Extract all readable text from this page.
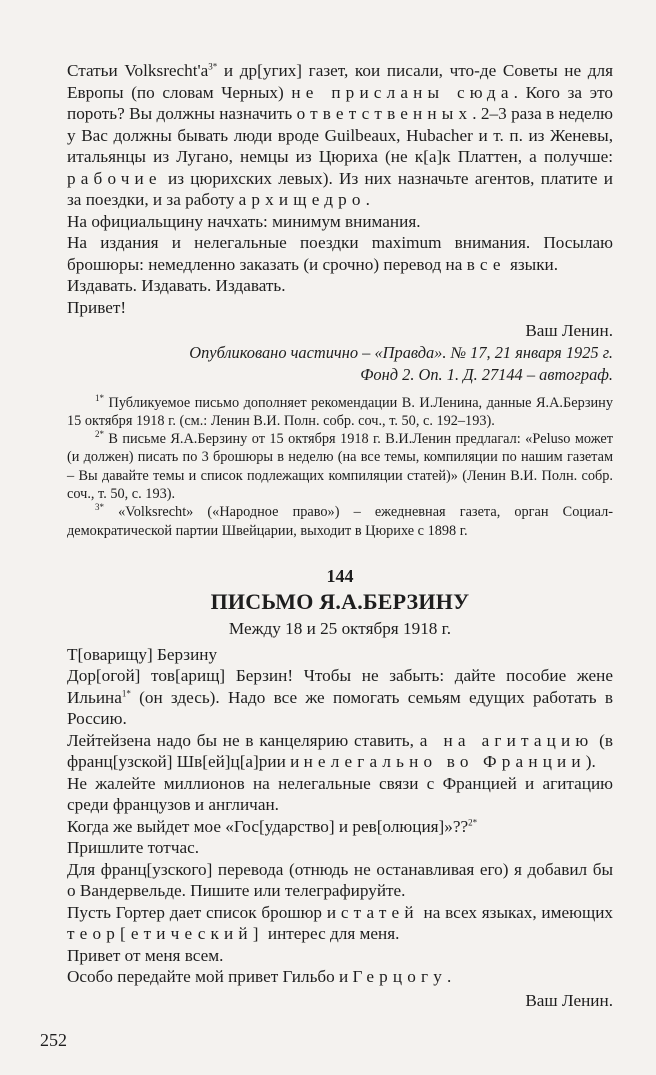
Статьи $Volksrecht'a^{3*}$ и др[угих] газет, кои писали, что-де Советы не для Европы (по словам Черных) не присланы сюда. Кого за это пороть? Вы должны назначить ответственных. 2–3 раза в неделю у Вас должны бывать люди вроде Guilbeaux, Hubacher и т. п. из Женевы, итальянцы из Лугано, немцы из Цюриха (не к[а]к Платтен, а получше: рабочие из цюрихских левых). Из них назначьте агентов, платите и за поездки, и за работу архищедро.

На официальщину начхать: минимум внимания.

На издания и нелегальные поездки maximum внимания. Посылаю брошюры: немедленно заказать (и срочно) перевод на все языки.

Издавать. Издавать. Издавать.

Привет!

Ваш Ленин.

Опубликовано частично – «Правда». № 17, 21 января 1925 г.

Фонд 2. Оп. 1. Д. 27144 – автограф.

$^{1*}$ Публикуемое письмо дополняет рекомендации В. И.Ленина, данные Я.А.Берзину 15 октября 1918 г. (см.: Ленин В.И. Полн. собр. соч., т. 50, с. 192–193).

$^{2*}$ В письме Я.А.Берзину от 15 октября 1918 г. В.И.Ленин предлагал: «Peluso может (и должен) писать по 3 брошюры в неделю (на все темы, компиляции по нашим газетам – Вы давайте темы и список подлежащих компиляции статей)» (Ленин В.И. Полн. собр. соч., т. 50, с. 193).

$^{3*}$ «Volksrecht» («Народное право») – ежедневная газета, орган Социал-демократической партии Швейцарии, выходит в Цюрихе с 1898 г.

144

ПИСЬМО Я.А.БЕРЗИНУ

Между 18 и 25 октября 1918 г.

Т[оварищу] Берзину

Дор[огой] тов[арищ] Берзин! Чтобы не забыть: дайте пособие жене Ильина$^{1*}$ (он здесь). Надо все же помогать семьям едущих работать в Россию.

Лейтейзена надо бы не в канцелярию ставить, а на агитацию (в франц[узской] Шв[ей]ц[а]рии и нелегально во Франции).

Не жалейте миллионов на нелегальные связи с Францией и агитацию среди французов и англичан.

Когда же выйдет мое «Гос[ударство] и рев[олюция]»??$^{2*}$

Пришлите тотчас.

Для франц[узского] перевода (отнюдь не останавливая его) я добавил бы о Вандервельде. Пишите или телеграфируйте.

Пусть Гортер дает список брошюр и статей на всех языках, имеющих теор[етический] интерес для меня.

Привет от меня всем.

Особо передайте мой привет Гильбо и Герцогу.

Ваш Ленин.

252
